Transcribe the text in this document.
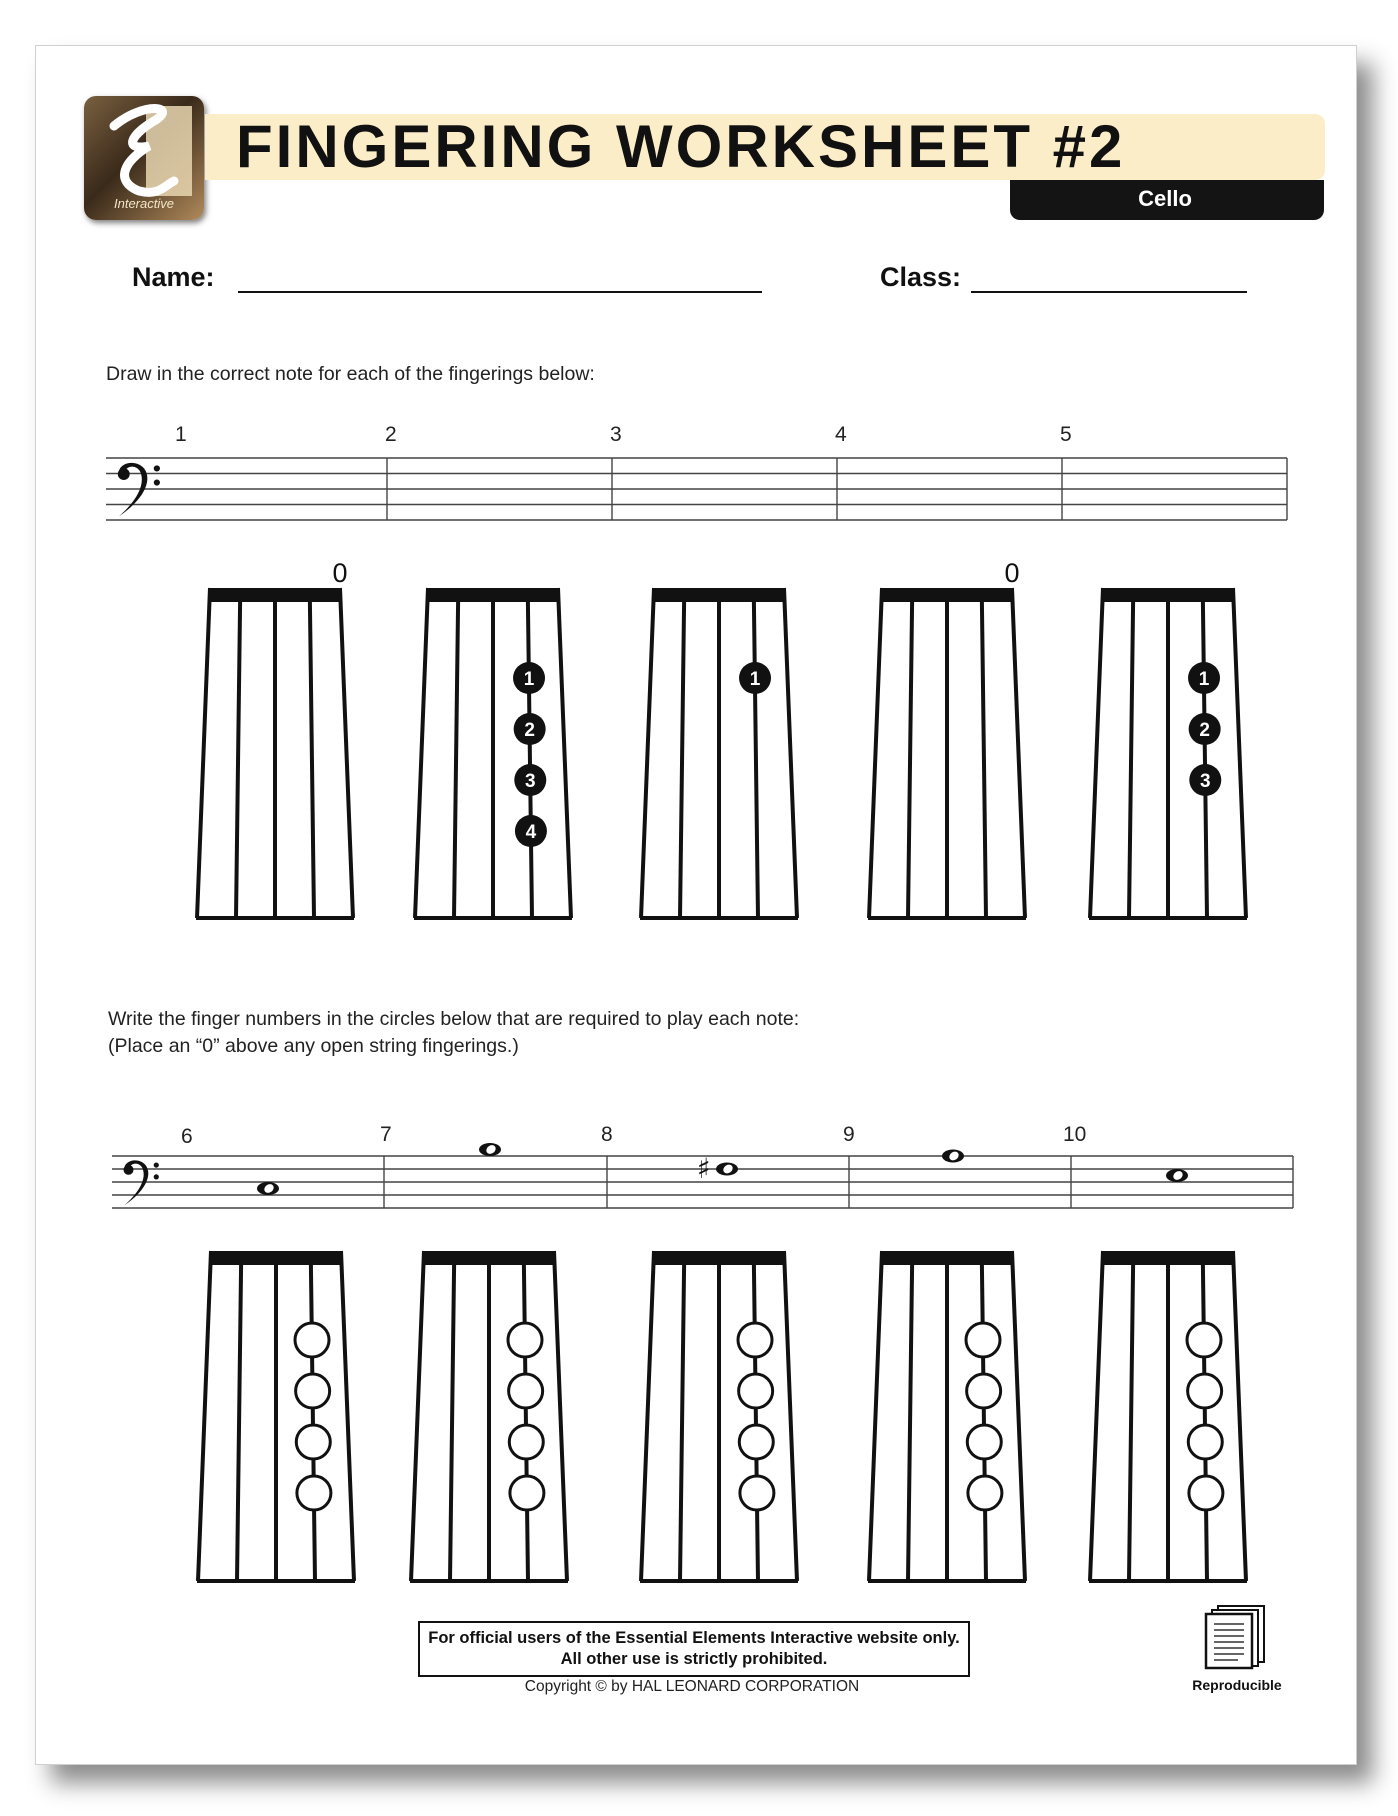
Interactive
FINGERING WORKSHEET #2
Cello
Name:	Class:
Draw in the correct note for each of the fingerings below:
Write the finger numbers in the circles below that are required to play each note:
(Place an “0” above any open string fingerings.)
1	2	3	4	5
6	7	8	9	10
♯
0
1
2
3
4
1
0
1
2
3
For official users of the Essential Elements Interactive website only.
All other use is strictly prohibited.
Copyright © by HAL LEONARD CORPORATION	Reproducible
